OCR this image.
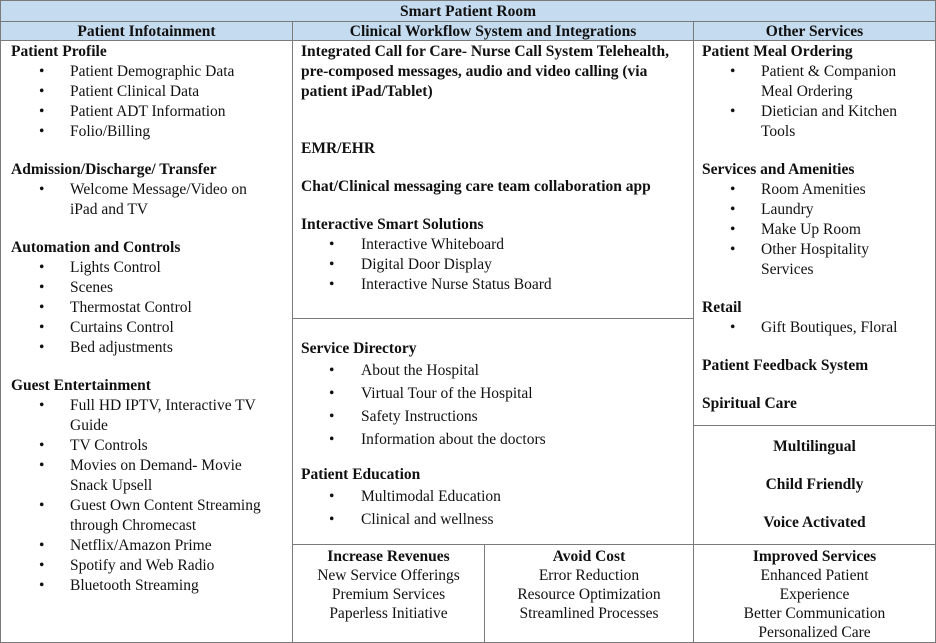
Smart Patient Room
Patient Infotainment	Clinical Workflow System and Integrations	Other Services
Patient Profile
• Patient Demographic Data
• Patient Clinical Data
• Patient ADT Information
• Folio/Billing
Admission/Discharge/ Transfer
• Welcome Message/Video on iPad and TV
Automation and Controls
• Lights Control
• Scenes
• Thermostat Control
• Curtains Control
• Bed adjustments
Guest Entertainment
• Full HD IPTV, Interactive TV Guide
• TV Controls
• Movies on Demand- Movie Snack Upsell
• Guest Own Content Streaming through Chromecast
• Netflix/Amazon Prime
• Spotify and Web Radio
• Bluetooth Streaming
Integrated Call for Care- Nurse Call System Telehealth, pre-composed messages, audio and video calling (via patient iPad/Tablet)
EMR/EHR
Chat/Clinical messaging care team collaboration app
Interactive Smart Solutions
• Interactive Whiteboard
• Digital Door Display
• Interactive Nurse Status Board
Service Directory
• About the Hospital
• Virtual Tour of the Hospital
• Safety Instructions
• Information about the doctors
Patient Education
• Multimodal Education
• Clinical and wellness
Patient Meal Ordering
• Patient & Companion Meal Ordering
• Dietician and Kitchen Tools
Services and Amenities
• Room Amenities
• Laundry
• Make Up Room
• Other Hospitality Services
Retail
• Gift Boutiques, Floral
Patient Feedback System
Spiritual Care
Multilingual
Child Friendly
Voice Activated
Increase Revenues
New Service Offerings
Premium Services
Paperless Initiative
Avoid Cost
Error Reduction
Resource Optimization
Streamlined Processes
Improved Services
Enhanced Patient Experience
Better Communication
Personalized Care
